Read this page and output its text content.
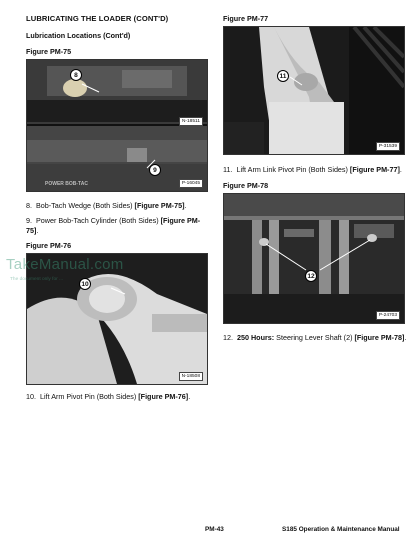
LUBRICATING THE LOADER (CONT'D)
Lubrication Locations (Cont'd)
Figure PM-75
8
9
N-18511
P-16045
POWER BOB-TAC
8. Bob-Tach Wedge (Both Sides) [Figure PM-75].
9. Power Bob-Tach Cylinder (Both Sides) [Figure PM-75].
Figure PM-76
10
N-18508
TakeManual.com
The document only for ...
10. Lift Arm Pivot Pin (Both Sides) [Figure PM-76].
Figure PM-77
11
P-31539
11. Lift Arm Link Pivot Pin (Both Sides) [Figure PM-77].
Figure PM-78
12
P-24703
12. 250 Hours: Steering Lever Shaft (2) [Figure PM-78].
PM-43	S185 Operation & Maintenance Manual
